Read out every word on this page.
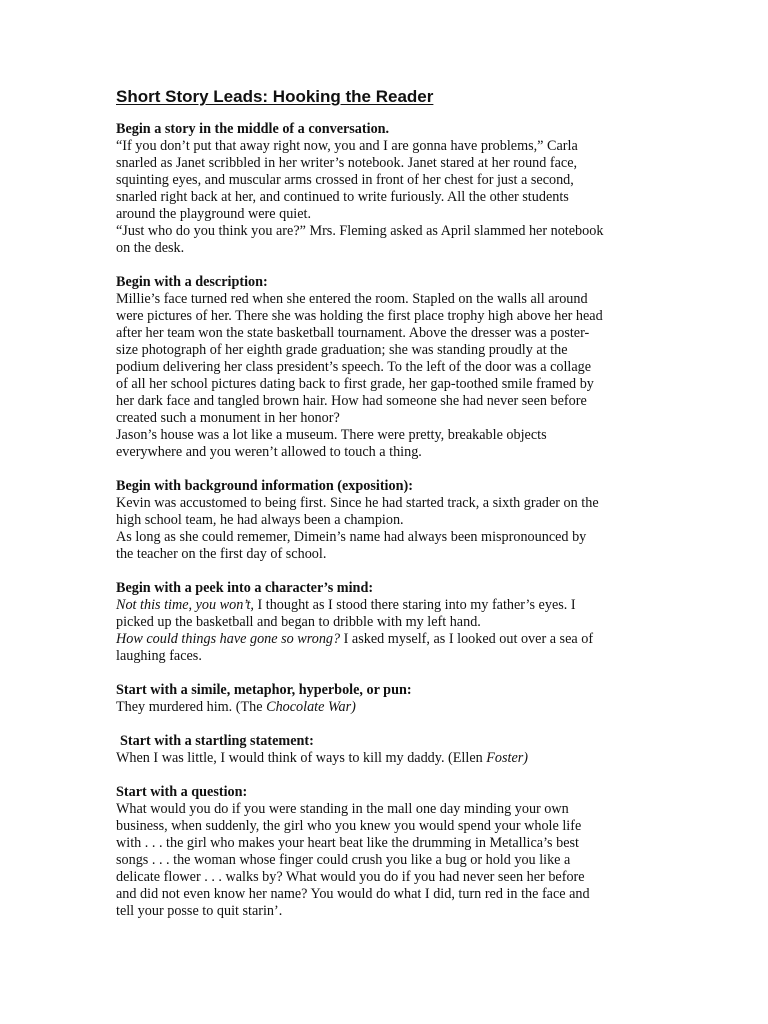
Short Story Leads: Hooking the Reader
Begin a story in the middle of a conversation.
“If you don’t put that away right now, you and I are gonna have problems,” Carla
snarled as Janet scribbled in her writer’s notebook. Janet stared at her round face,
squinting eyes, and muscular arms crossed in front of her chest for just a second,
snarled right back at her, and continued to write furiously. All the other students
around the playground were quiet.
“Just who do you think you are?” Mrs. Fleming asked as April slammed her notebook
on the desk.
Begin with a description:
Millie’s face turned red when she entered the room. Stapled on the walls all around
were pictures of her. There she was holding the first place trophy high above her head
after her team won the state basketball tournament. Above the dresser was a poster-
size photograph of her eighth grade graduation; she was standing proudly at the
podium delivering her class president’s speech. To the left of the door was a collage
of all her school pictures dating back to first grade, her gap-toothed smile framed by
her dark face and tangled brown hair. How had someone she had never seen before
created such a monument in her honor?
Jason’s house was a lot like a museum. There were pretty, breakable objects
everywhere and you weren’t allowed to touch a thing.
Begin with background information (exposition):
Kevin was accustomed to being first. Since he had started track, a sixth grader on the
high school team, he had always been a champion.
As long as she could rememer, Dimein’s name had always been mispronounced by
the teacher on the first day of school.
Begin with a peek into a character’s mind:
Not this time, you won’t, I thought as I stood there staring into my father’s eyes. I
picked up the basketball and began to dribble with my left hand.
How could things have gone so wrong? I asked myself, as I looked out over a sea of
laughing faces.
Start with a simile, metaphor, hyperbole, or pun:
They murdered him. (The Chocolate War)
Start with a startling statement:
When I was little, I would think of ways to kill my daddy. (Ellen Foster)
Start with a question:
What would you do if you were standing in the mall one day minding your own
business, when suddenly, the girl who you knew you would spend your whole life
with . . . the girl who makes your heart beat like the drumming in Metallica’s best
songs . . . the woman whose finger could crush you like a bug or hold you like a
delicate flower . . . walks by? What would you do if you had never seen her before
and did not even know her name? You would do what I did, turn red in the face and
tell your posse to quit starin’.
